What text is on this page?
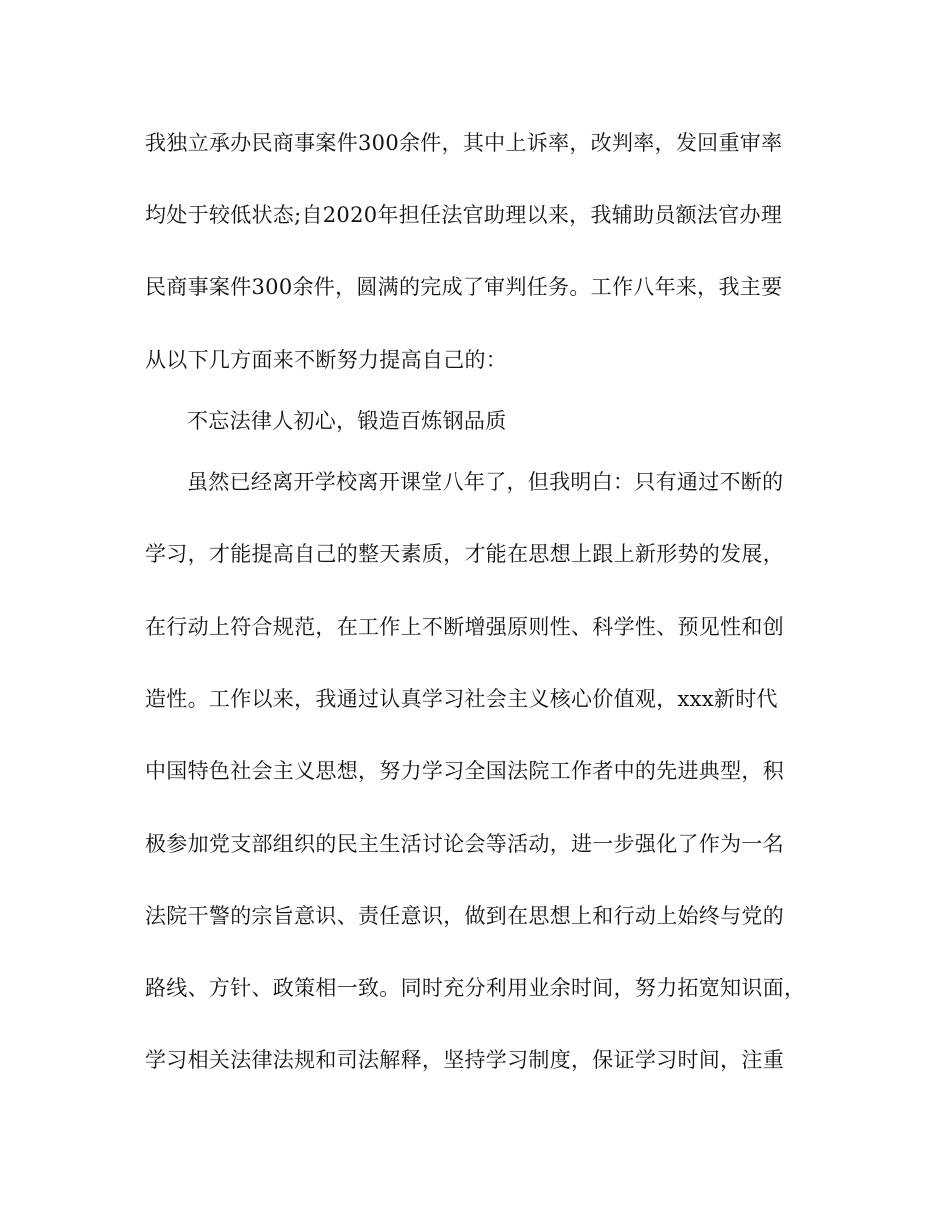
我独立承办民商事案件300余件，其中上诉率，改判率，发回重审率
均处于较低状态;自2020年担任法官助理以来，我辅助员额法官办理
民商事案件300余件，圆满的完成了审判任务。工作八年来，我主要
从以下几方面来不断努力提高自己的：
不忘法律人初心，锻造百炼钢品质
虽然已经离开学校离开课堂八年了，但我明白：只有通过不断的
学习，才能提高自己的整天素质，才能在思想上跟上新形势的发展，
在行动上符合规范，在工作上不断增强原则性、科学性、预见性和创
造性。工作以来，我通过认真学习社会主义核心价值观，xxx新时代
中国特色社会主义思想，努力学习全国法院工作者中的先进典型，积
极参加党支部组织的民主生活讨论会等活动，进一步强化了作为一名
法院干警的宗旨意识、责任意识，做到在思想上和行动上始终与党的
路线、方针、政策相一致。同时充分利用业余时间，努力拓宽知识面，
学习相关法律法规和司法解释，坚持学习制度，保证学习时间，注重
